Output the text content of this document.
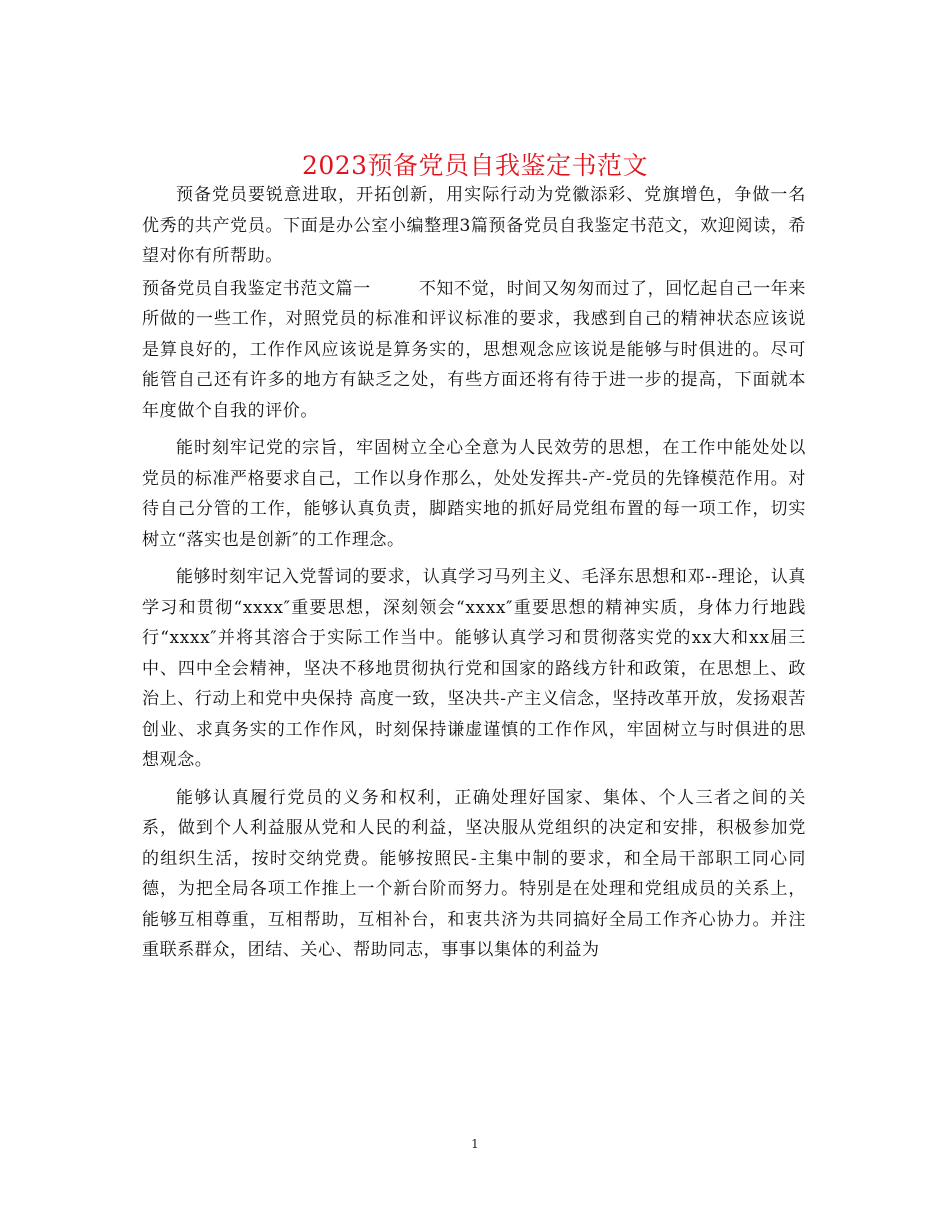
2023预备党员自我鉴定书范文

预备党员要锐意进取，开拓创新，用实际行动为党徽添彩、党旗增色，争做一名优秀的共产党员。下面是办公室小编整理3篇预备党员自我鉴定书范文，欢迎阅读，希望对你有所帮助。

预备党员自我鉴定书范文篇一	不知不觉，时间又匆匆而过了，回忆起自己一年来所做的一些工作，对照党员的标准和评议标准的要求，我感到自己的精神状态应该说是算良好的，工作作风应该说是算务实的，思想观念应该说是能够与时俱进的。尽可能管自己还有许多的地方有缺乏之处，有些方面还将有待于进一步的提高，下面就本年度做个自我的评价。

能时刻牢记党的宗旨，牢固树立全心全意为人民效劳的思想，在工作中能处处以党员的标准严格要求自己，工作以身作那么，处处发挥共-产-党员的先锋模范作用。对待自己分管的工作，能够认真负责，脚踏实地的抓好局党组布置的每一项工作，切实树立“落实也是创新″的工作理念。

能够时刻牢记入党誓词的要求，认真学习马列主义、毛泽东思想和邓--理论，认真学习和贯彻“xxxx″重要思想，深刻领会“xxxx″重要思想的精神实质，身体力行地践行“xxxx″并将其溶合于实际工作当中。能够认真学习和贯彻落实党的xx大和xx届三中、四中全会精神，坚决不移地贯彻执行党和国家的路线方针和政策，在思想上、政治上、行动上和党中央保持 高度一致，坚决共-产主义信念，坚持改革开放，发扬艰苦创业、求真务实的工作作风，时刻保持谦虚谨慎的工作作风，牢固树立与时俱进的思想观念。

能够认真履行党员的义务和权利，正确处理好国家、集体、个人三者之间的关系，做到个人利益服从党和人民的利益，坚决服从党组织的决定和安排，积极参加党的组织生活，按时交纳党费。能够按照民-主集中制的要求，和全局干部职工同心同德，为把全局各项工作推上一个新台阶而努力。特别是在处理和党组成员的关系上，能够互相尊重，互相帮助，互相补台，和衷共济为共同搞好全局工作齐心协力。并注重联系群众，团结、关心、帮助同志，事事以集体的利益为

1
